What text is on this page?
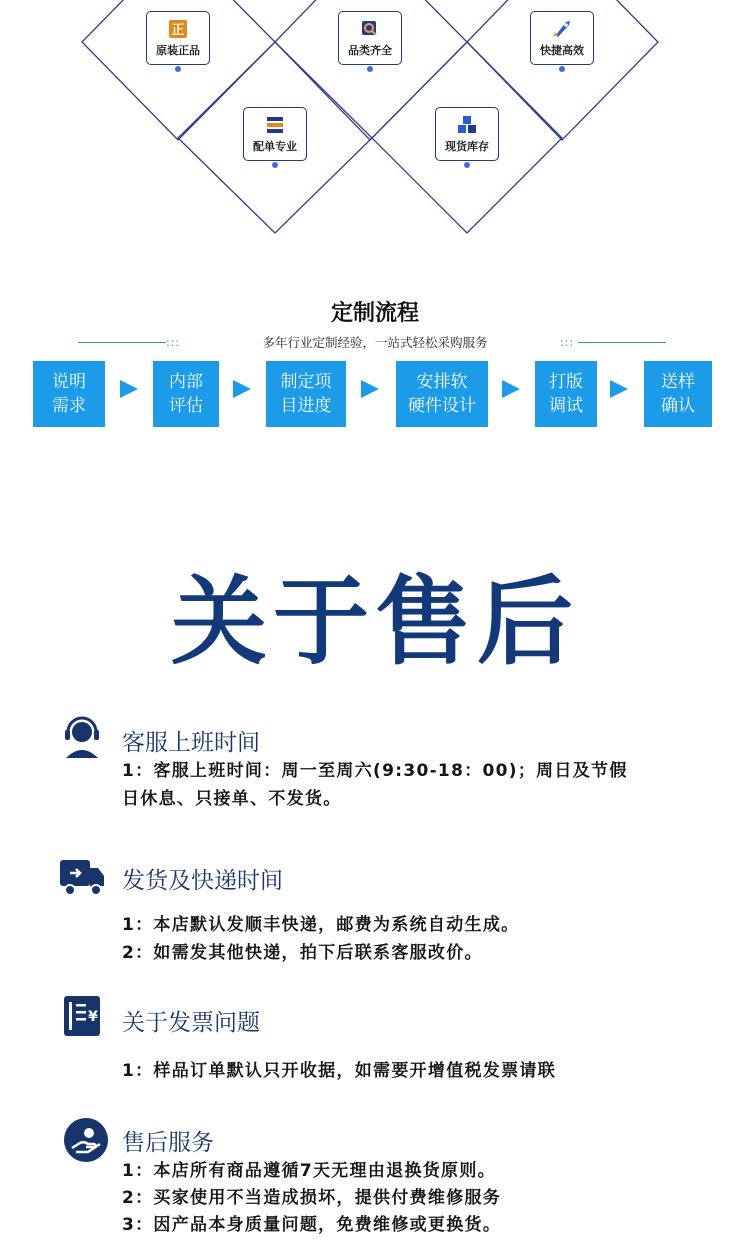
正
原装正品	品类齐全	快捷高效
配单专业	现货库存
定制流程
:::	多年行业定制经验，一站式轻松采购服务	:::
说明
需求
内部
评估
制定项
目进度
安排软
硬件设计
打版
调试
送样
确认
关于售后
客服上班时间
1：客服上班时间：周一至周六(9:30-18：00)；周日及节假
日休息、只接单、不发货。
发货及快递时间
1：本店默认发顺丰快递，邮费为系统自动生成。
2：如需发其他快递，拍下后联系客服改价。
¥ 关于发票问题
1：样品订单默认只开收据，如需要开增值税发票请联
售后服务
1：本店所有商品遵循7天无理由退换货原则。
2：买家使用不当造成损坏，提供付费维修服务
3：因产品本身质量问题，免费维修或更换货。
